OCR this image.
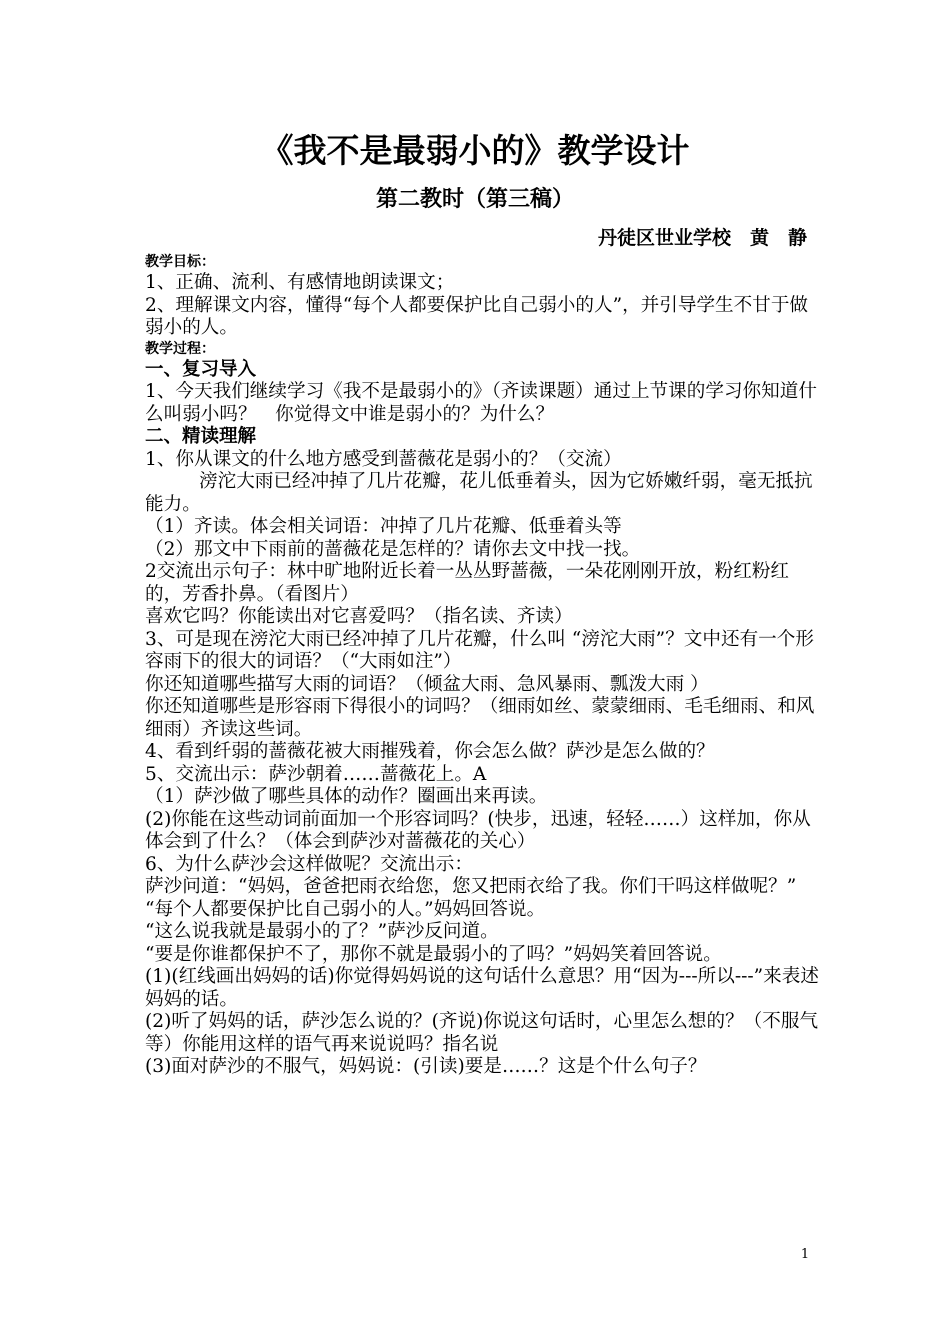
《我不是最弱小的》教学设计
第二教时（第三稿）
丹徒区世业学校　黄　静

教学目标：

1、正确、流利、有感情地朗读课文；

2、理解课文内容，懂得“每个人都要保护比自己弱小的人”，并引导学生不甘于做弱小的人。

教学过程：

一、复习导入

1、今天我们继续学习《我不是最弱小的》（齐读课题）通过上节课的学习你知道什么叫弱小吗？　你觉得文中谁是弱小的？为什么？

二、精读理解

1、你从课文的什么地方感受到蔷薇花是弱小的？（交流）

滂沱大雨已经冲掉了几片花瓣，花儿低垂着头，因为它娇嫩纤弱，毫无抵抗能力。

（1）齐读。体会相关词语：冲掉了几片花瓣、低垂着头等

（2）那文中下雨前的蔷薇花是怎样的？请你去文中找一找。

2交流出示句子：林中旷地附近长着一丛丛野蔷薇，一朵花刚刚开放，粉红粉红的，芳香扑鼻。（看图片）

喜欢它吗？你能读出对它喜爱吗？（指名读、齐读）

3、可是现在滂沱大雨已经冲掉了几片花瓣，什么叫 “滂沱大雨”？文中还有一个形容雨下的很大的词语？（“大雨如注”）

你还知道哪些描写大雨的词语？（倾盆大雨、急风暴雨、瓢泼大雨 ）

你还知道哪些是形容雨下得很小的词吗？（细雨如丝、蒙蒙细雨、毛毛细雨、和风细雨）齐读这些词。

4、看到纤弱的蔷薇花被大雨摧残着，你会怎么做？萨沙是怎么做的？

5、交流出示：萨沙朝着……蔷薇花上。A

（1）萨沙做了哪些具体的动作？圈画出来再读。

(2)你能在这些动词前面加一个形容词吗？(快步，迅速，轻轻……）这样加，你从体会到了什么？（体会到萨沙对蔷薇花的关心）

6、为什么萨沙会这样做呢？交流出示：

萨沙问道：“妈妈，爸爸把雨衣给您，您又把雨衣给了我。你们干吗这样做呢？”

“每个人都要保护比自己弱小的人。”妈妈回答说。

“这么说我就是最弱小的了？”萨沙反问道。

“要是你谁都保护不了，那你不就是最弱小的了吗？”妈妈笑着回答说。

(1)(红线画出妈妈的话)你觉得妈妈说的这句话什么意思？用“因为---所以---”来表述妈妈的话。

(2)听了妈妈的话，萨沙怎么说的？(齐说)你说这句话时，心里怎么想的？（不服气等）你能用这样的语气再来说说吗？指名说

(3)面对萨沙的不服气，妈妈说：(引读)要是……？这是个什么句子？

1
